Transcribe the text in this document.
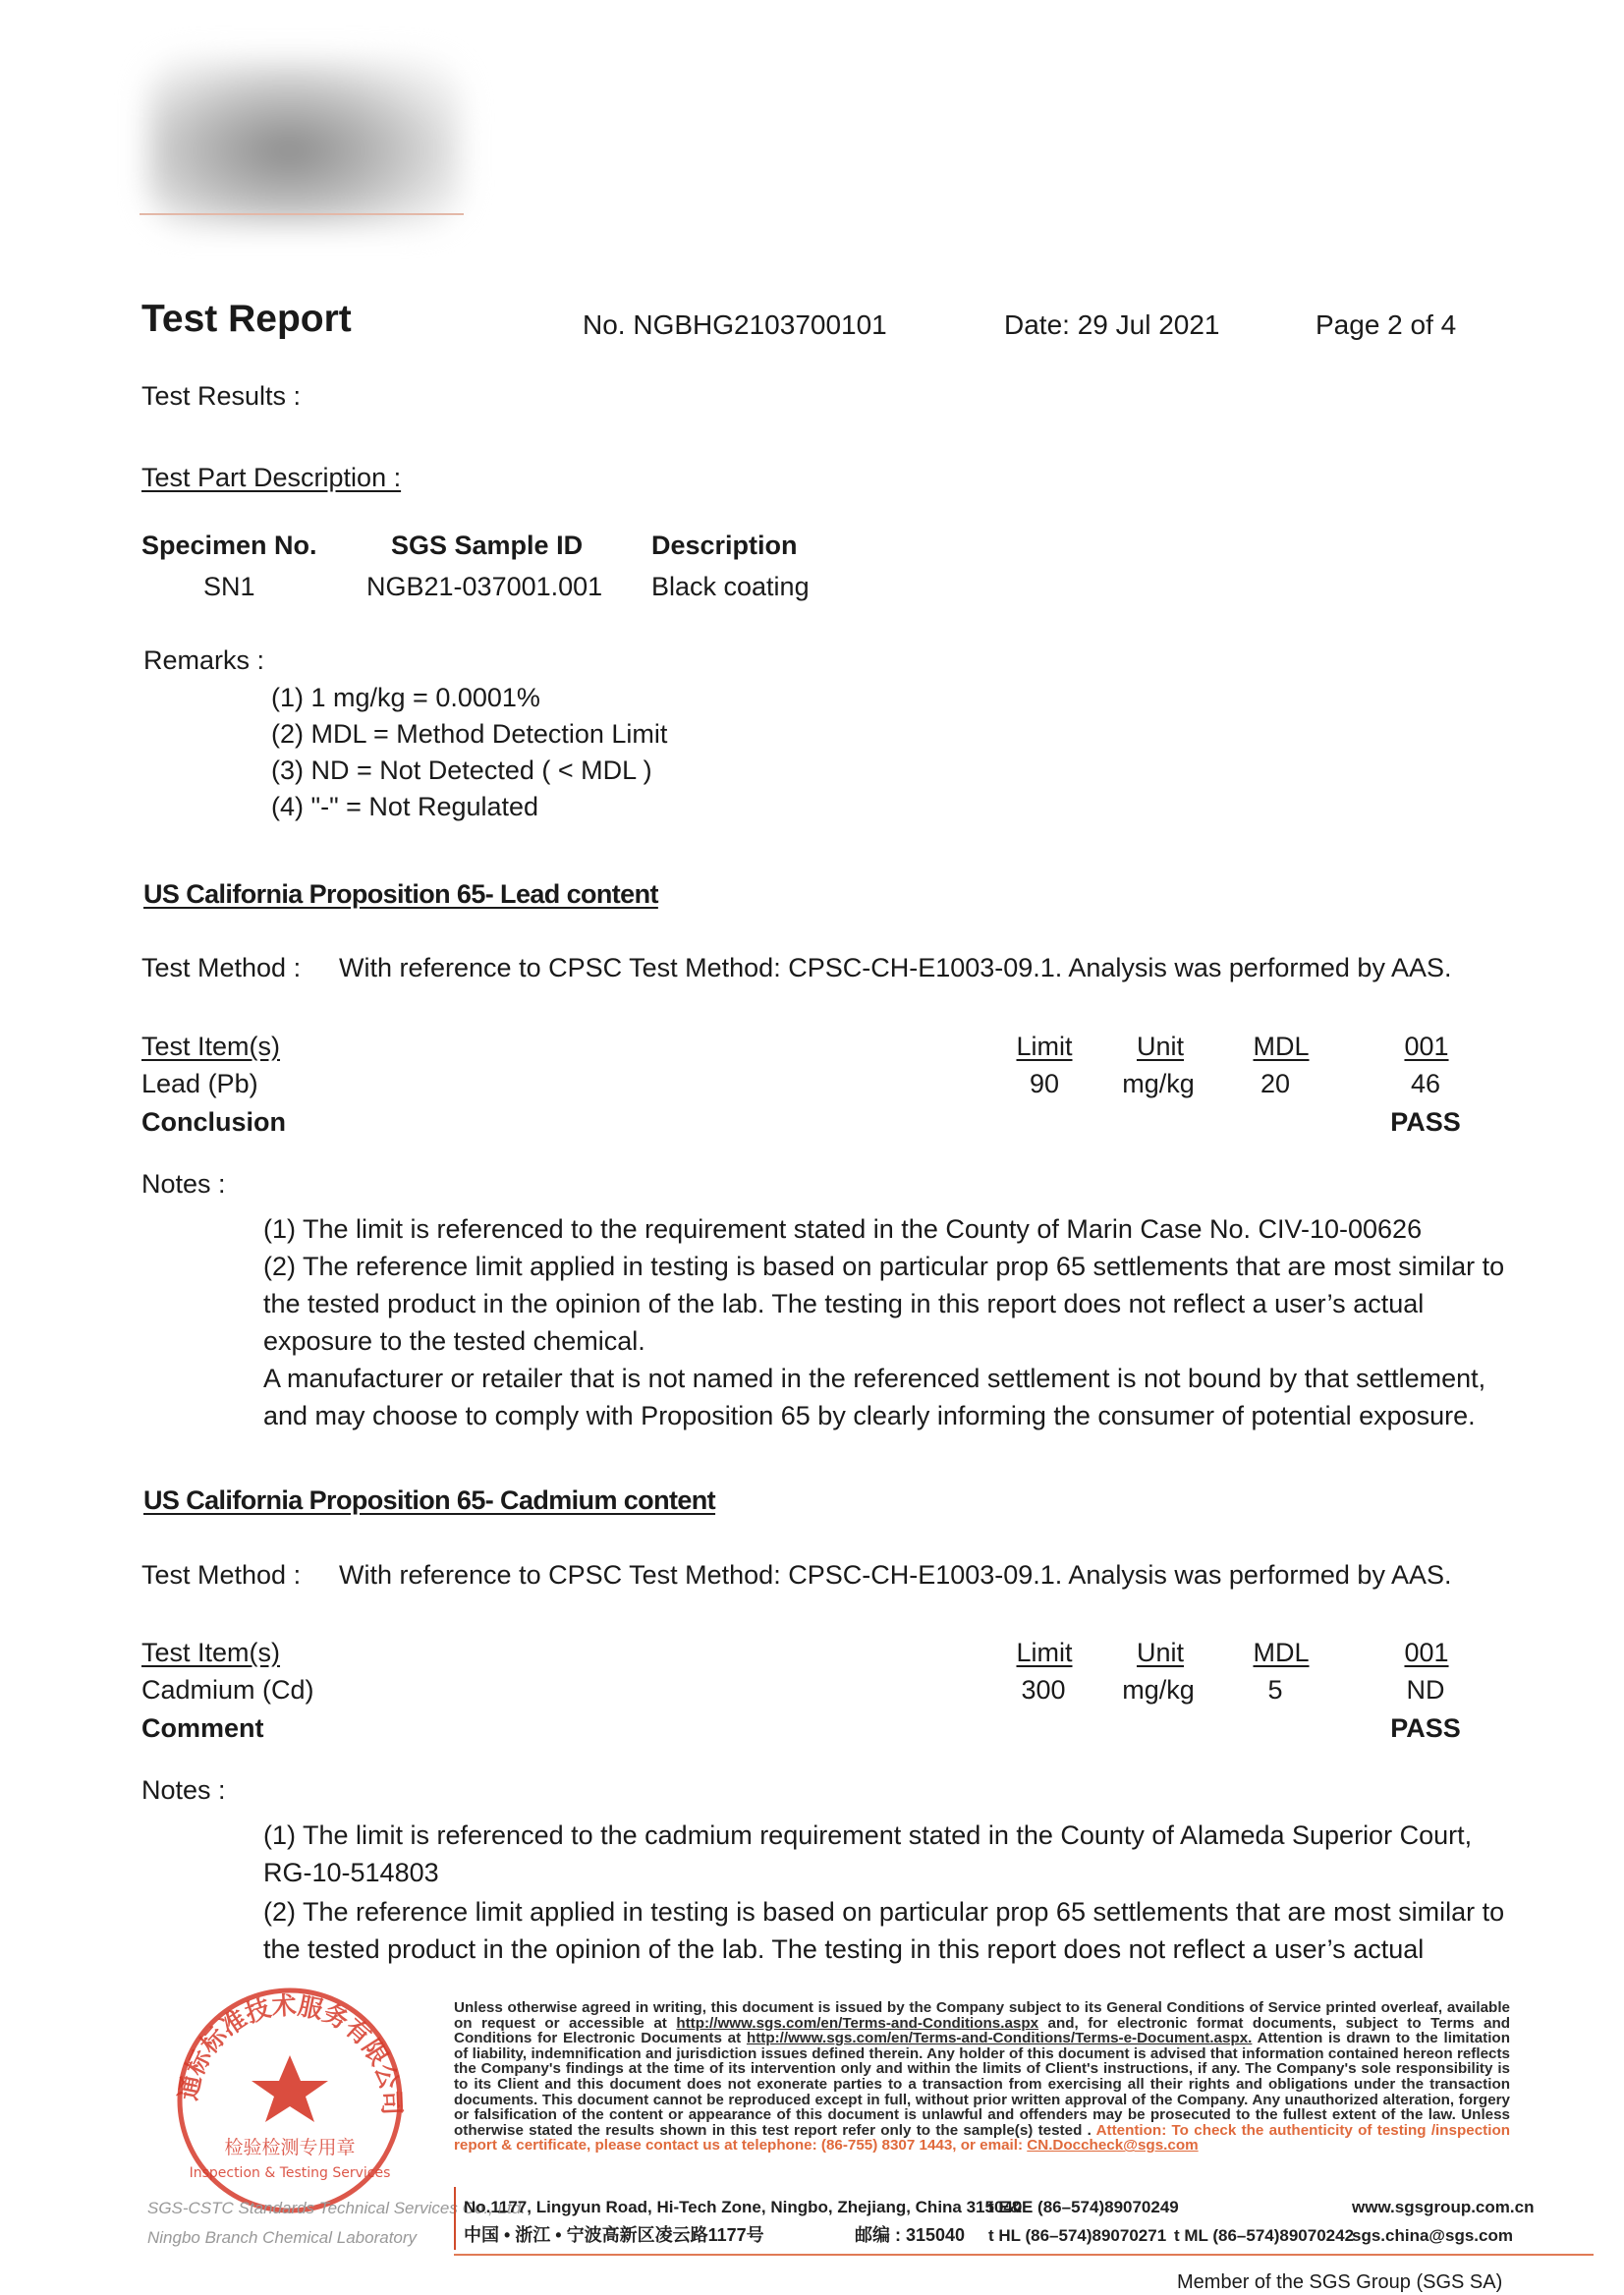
Test Report	No. NGBHG2103700101	Date: 29 Jul 2021	Page 2 of 4
Test Results :
Test Part Description :
Specimen No.	SGS Sample ID	Description
SN1	NGB21-037001.001 Black coating
Remarks :
(1) 1 mg/kg = 0.0001%
(2) MDL = Method Detection Limit
(3) ND = Not Detected ( < MDL )
(4) "-" = Not Regulated
US California Proposition 65- Lead content
Test Method : With reference to CPSC Test Method: CPSC-CH-E1003-09.1. Analysis was performed by AAS.
Test Item(s)	Limit Unit	MDL	001
Lead (Pb)	90 mg/kg 20	46
Conclusion	PASS
Notes :
(1) The limit is referenced to the requirement stated in the County of Marin Case No. CIV-10-00626
(2) The reference limit applied in testing is based on particular prop 65 settlements that are most similar to
the tested product in the opinion of the lab. The testing in this report does not reflect a user’s actual
exposure to the tested chemical.
A manufacturer or retailer that is not named in the referenced settlement is not bound by that settlement,
and may choose to comply with Proposition 65 by clearly informing the consumer of potential exposure.
US California Proposition 65- Cadmium content
Test Method : With reference to CPSC Test Method: CPSC-CH-E1003-09.1. Analysis was performed by AAS.
Test Item(s)	Limit Unit	MDL	001
Cadmium (Cd)	300 mg/kg	5	ND
Comment	PASS
Notes :
(1) The limit is referenced to the cadmium requirement stated in the County of Alameda Superior Court,
RG-10-514803
(2) The reference limit applied in testing is based on particular prop 65 settlements that are most similar to
the tested product in the opinion of the lab. The testing in this report does not reflect a user’s actual
通标标准技术服务有限公司
检验检测专用章
Inspection & Testing Services
SGS-CSTC Standards Technical Services Co., Ltd.
Ningbo Branch Chemical Laboratory
Unless otherwise agreed in writing, this document is issued by the Company subject to its General Conditions of Service printed overleaf, available on request or accessible at http://www.sgs.com/en/Terms-and-Conditions.aspx and, for electronic format documents, subject to Terms and Conditions for Electronic Documents at http://www.sgs.com/en/Terms-and-Conditions/Terms-e-Document.aspx. Attention is drawn to the limitation of liability, indemnification and jurisdiction issues defined therein. Any holder of this document is advised that information contained hereon reflects the Company's findings at the time of its intervention only and within the limits of Client's instructions, if any. The Company's sole responsibility is to its Client and this document does not exonerate parties to a transaction from exercising all their rights and obligations under the transaction documents. This document cannot be reproduced except in full, without prior written approval of the Company. Any unauthorized alteration, forgery or falsification of the content or appearance of this document is unlawful and offenders may be prosecuted to the fullest extent of the law. Unless otherwise stated the results shown in this test report refer only to the sample(s) tested . Attention: To check the authenticity of testing /inspection report & certificate, please contact us at telephone: (86-755) 8307 1443, or email: CN.Doccheck@sgs.com
No.1177, Lingyun Road, Hi-Tech Zone, Ningbo, Zhejiang, China 315040
t E&E (86–574)89070249	www.sgsgroup.com.cn
中国 • 浙江 • 宁波高新区凌云路1177号	邮编 : 315040 t HL (86–574)89070271 t ML (86–574)89070242
sgs.china@sgs.com
Member of the SGS Group (SGS SA)
